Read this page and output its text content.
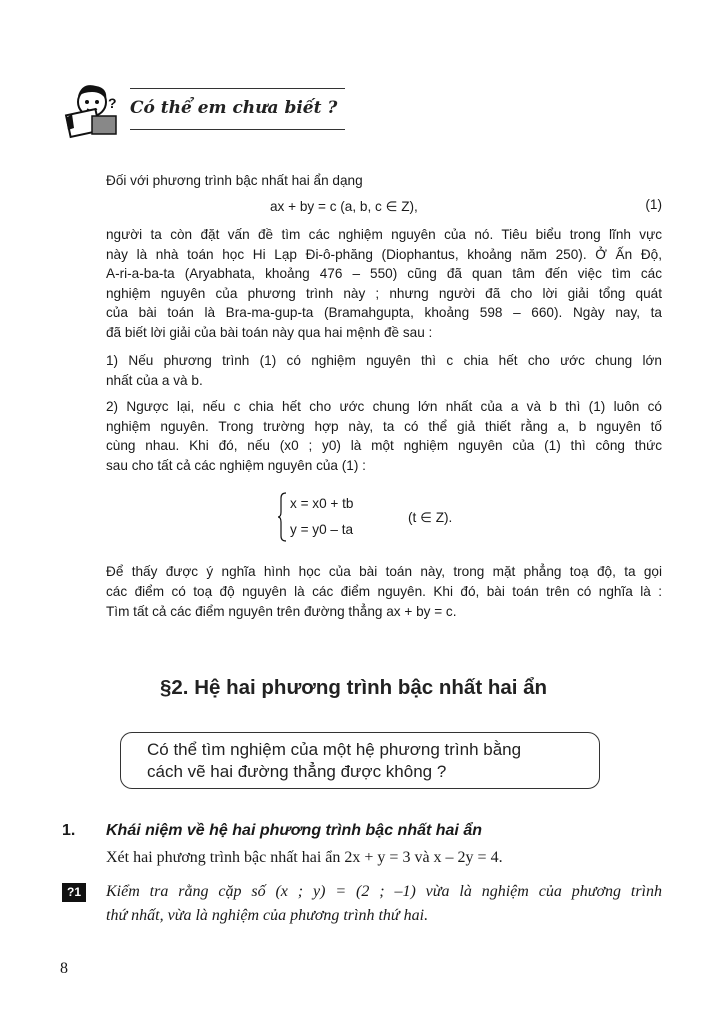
? Có thể em chưa biết ?
Đối với phương trình bậc nhất hai ẩn dạng
ax + by = c (a, b, c ∈ Z),	(1)
người ta còn đặt vấn đề tìm các nghiệm nguyên của nó. Tiêu biểu trong lĩnh vực
này là nhà toán học Hi Lạp Đi-ô-phăng (Diophantus, khoảng năm 250). Ở Ấn Độ,
A-ri-a-ba-ta (Aryabhata, khoảng 476 – 550) cũng đã quan tâm đến việc tìm các
nghiệm nguyên của phương trình này ; nhưng người đã cho lời giải tổng quát
của bài toán là Bra-ma-gup-ta (Bramahgupta, khoảng 598 – 660). Ngày nay, ta
đã biết lời giải của bài toán này qua hai mệnh đề sau :
1) Nếu phương trình (1) có nghiệm nguyên thì c chia hết cho ước chung lớn
nhất của a và b.
2) Ngược lại, nếu c chia hết cho ước chung lớn nhất của a và b thì (1) luôn có
nghiệm nguyên. Trong trường hợp này, ta có thể giả thiết rằng a, b nguyên tố
cùng nhau. Khi đó, nếu (x0 ; y0) là một nghiệm nguyên của (1) thì công thức
sau cho tất cả các nghiệm nguyên của (1) :
x = x0 + tb
y = y0 – ta
(t ∈ Z).
Để thấy được ý nghĩa hình học của bài toán này, trong mặt phẳng toạ độ, ta gọi
các điểm có toạ độ nguyên là các điểm nguyên. Khi đó, bài toán trên có nghĩa là :
Tìm tất cả các điểm nguyên trên đường thẳng ax + by = c.
§2. Hệ hai phương trình bậc nhất hai ẩn
Có thể tìm nghiệm của một hệ phương trình bằng
cách vẽ hai đường thẳng được không ?
1. Khái niệm về hệ hai phương trình bậc nhất hai ẩn
Xét hai phương trình bậc nhất hai ẩn 2x + y = 3 và x – 2y = 4.
?1	Kiểm tra rằng cặp số (x ; y) = (2 ; –1) vừa là nghiệm của phương trình
thứ nhất, vừa là nghiệm của phương trình thứ hai.
8
